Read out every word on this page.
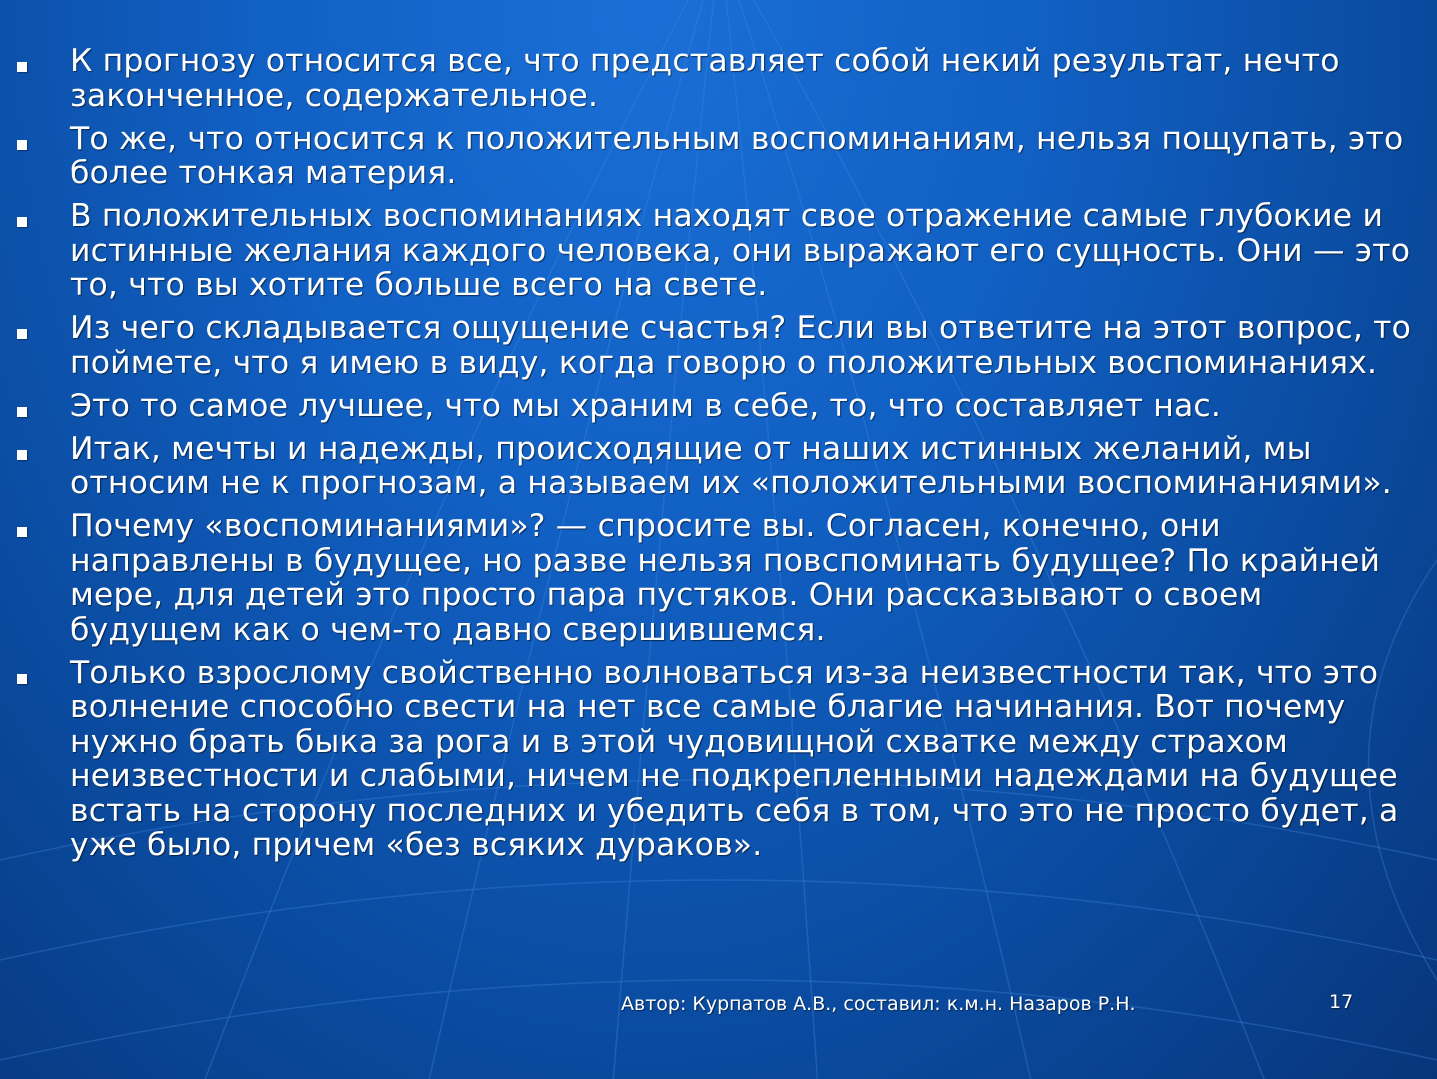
К прогнозу относится все, что представляет собой некий результат, нечто законченное, содержательное.
То же, что относится к положительным воспоминаниям, нельзя пощупать, это более тонкая материя.
В положительных воспоминаниях находят свое отражение самые глубокие и истинные желания каждого человека, они выражают его сущность. Они — это то, что вы хотите больше всего на свете.
Из чего складывается ощущение счастья? Если вы ответите на этот вопрос, то поймете, что я имею в виду, когда говорю о положительных воспоминаниях.
Это то самое лучшее, что мы храним в себе, то, что составляет нас.
Итак, мечты и надежды, происходящие от наших истинных желаний, мы относим не к прогнозам, а называем их «положительными воспоминаниями».
Почему «воспоминаниями»? — спросите вы. Согласен, конечно, они направлены в будущее, но разве нельзя повспоминать будущее? По крайней мере, для детей это просто пара пустяков. Они рассказывают о своем будущем как о чем-то давно свершившемся.
Только взрослому свойственно волноваться из-за неизвестности так, что это волнение способно свести на нет все самые благие начинания. Вот почему нужно брать быка за рога и в этой чудовищной схватке между страхом неизвестности и слабыми, ничем не подкрепленными надеждами на будущее встать на сторону последних и убедить себя в том, что это не просто будет, а уже было, причем «без всяких дураков».
Автор: Курпатов А.В., составил: к.м.н. Назаров Р.Н.	17
